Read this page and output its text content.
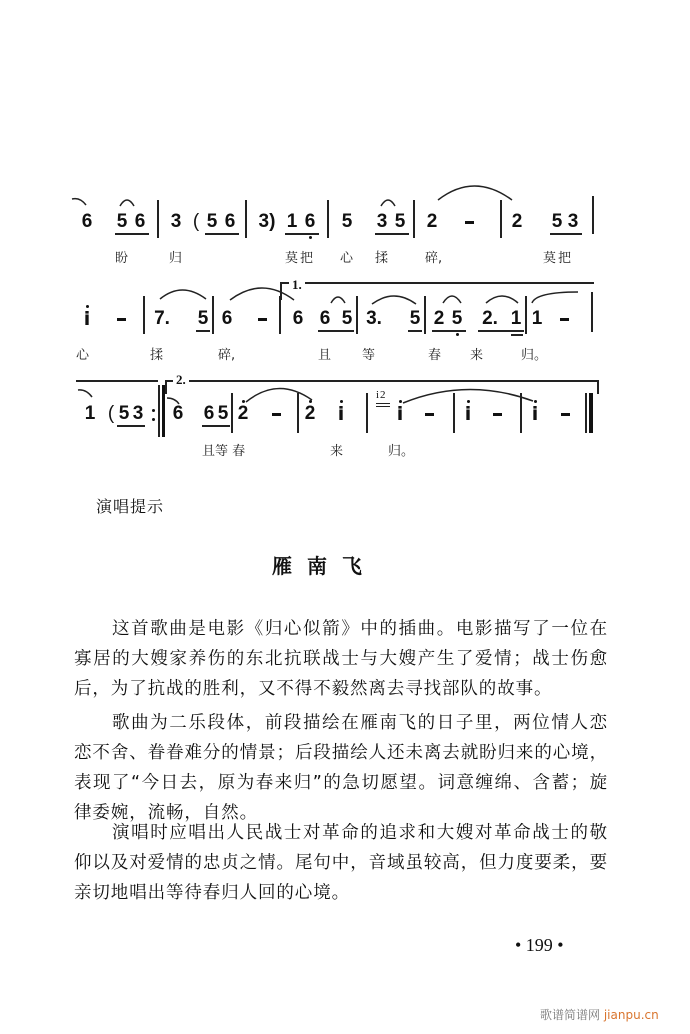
6 5 6 3 ( 5 6 3) 1 6 5 3 5 2	2 5 3
盼	归	莫把 心 揉	碎,	莫把
i	7. 5 6
1.
6 6 5 3. 5 2 5 2. 1 1
心	揉	碎,	且 等	春 来	归。
1 ( 5 3
2.
6 6 5 2	2 i	i
i2
i	i
且等 春	来	归。
演唱提示
雁 南 飞
这首歌曲是电影《归心似箭》中的插曲。电影描写了一位在寡居的大嫂家养伤的东北抗联战士与大嫂产生了爱情；战士伤愈后，为了抗战的胜利，又不得不毅然离去寻找部队的故事。
歌曲为二乐段体，前段描绘在雁南飞的日子里，两位情人恋恋不舍、眷眷难分的情景；后段描绘人还未离去就盼归来的心境，表现了“今日去，原为春来归”的急切愿望。词意缠绵、含蓄；旋律委婉，流畅，自然。
演唱时应唱出人民战士对革命的追求和大嫂对革命战士的敬仰以及对爱情的忠贞之情。尾句中，音域虽较高，但力度要柔，要亲切地唱出等待春归人回的心境。
• 199 •
歌谱简谱网 jianpu.cn
